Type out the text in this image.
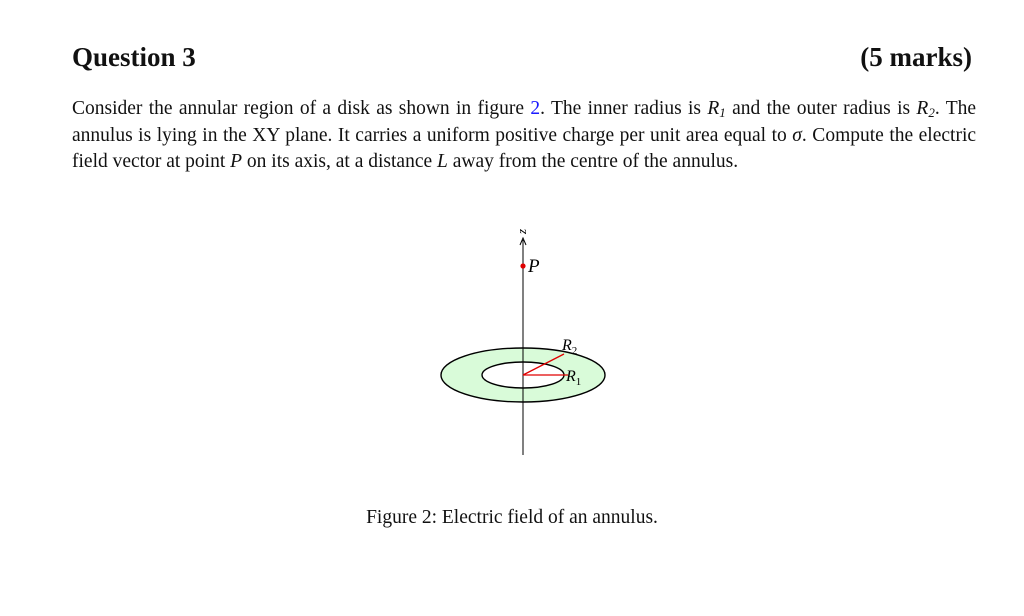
Question 3	(5 marks)
Consider the annular region of a disk as shown in figure 2. The inner radius is $R_1$ and the outer radius is $R_2$. The annulus is lying in the XY plane. It carries a uniform positive charge per unit area equal to σ. Compute the electric field vector at point P on its axis, at a distance L away from the centre of the annulus.
z
P
$R_2$
$R_1$
Figure 2: Electric field of an annulus.
